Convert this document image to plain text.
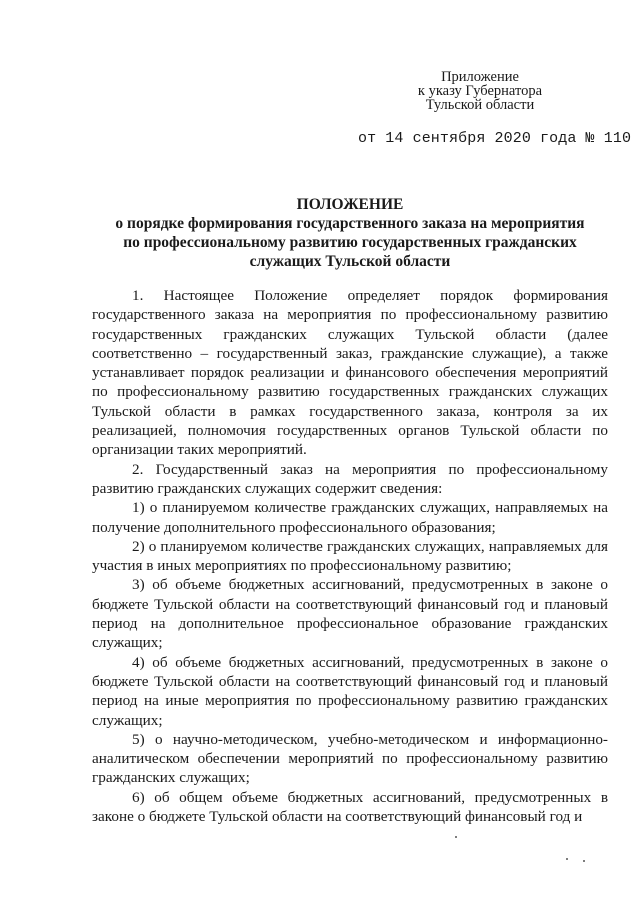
Приложение
к указу Губернатора
Тульской области
от 14 сентября 2020 года № 110
ПОЛОЖЕНИЕ
о порядке формирования государственного заказа на мероприятия
по профессиональному развитию государственных гражданских
служащих Тульской области

1. Настоящее Положение определяет порядок формирования государственного заказа на мероприятия по профессиональному развитию государственных гражданских служащих Тульской области (далее соответственно – государственный заказ, гражданские служащие), а также устанавливает порядок реализации и финансового обеспечения мероприятий по профессиональному развитию государственных гражданских служащих Тульской области в рамках государственного заказа, контроля за их реализацией, полномочия государственных органов Тульской области по организации таких мероприятий.

2. Государственный заказ на мероприятия по профессиональному развитию гражданских служащих содержит сведения:

1) о планируемом количестве гражданских служащих, направляемых на получение дополнительного профессионального образования;

2) о планируемом количестве гражданских служащих, направляемых для участия в иных мероприятиях по профессиональному развитию;

3) об объеме бюджетных ассигнований, предусмотренных в законе о бюджете Тульской области на соответствующий финансовый год и плановый период на дополнительное профессиональное образование гражданских служащих;

4) об объеме бюджетных ассигнований, предусмотренных в законе о бюджете Тульской области на соответствующий финансовый год и плановый период на иные мероприятия по профессиональному развитию гражданских служащих;

5) о научно-методическом, учебно-методическом и информационно-аналитическом обеспечении мероприятий по профессиональному развитию гражданских служащих;

6) об общем объеме бюджетных ассигнований, предусмотренных в законе о бюджете Тульской области на соответствующий финансовый год и
